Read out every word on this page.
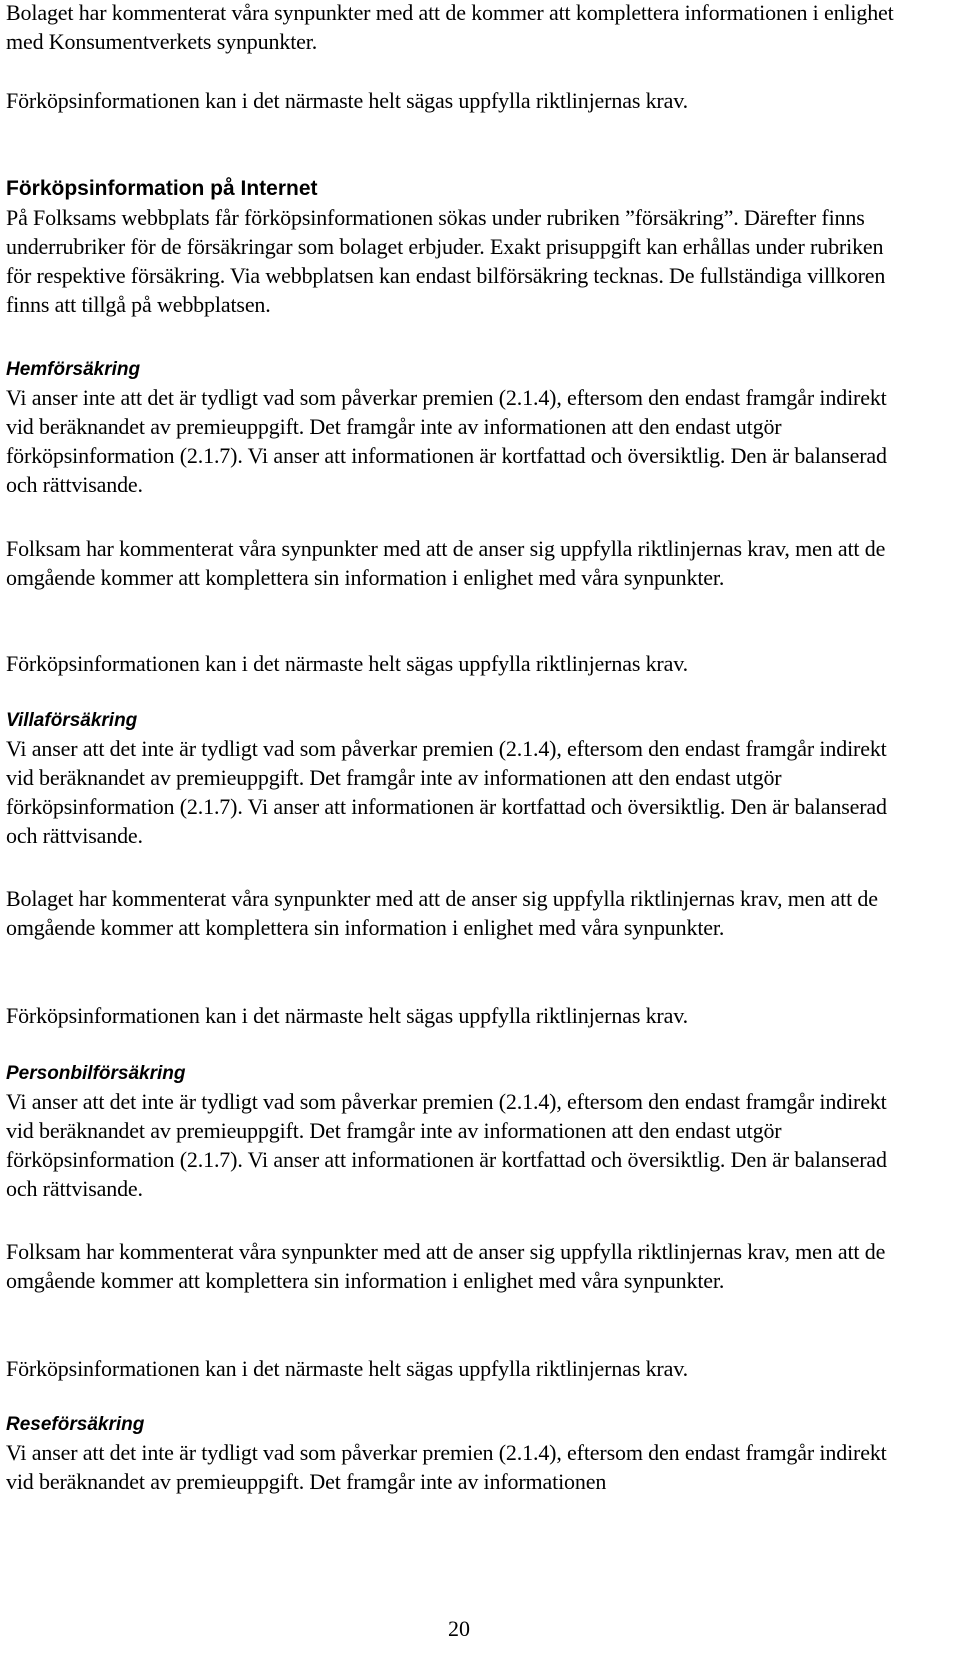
Bolaget har kommenterat våra synpunkter med att de kommer att komplettera informationen i enlighet med Konsumentverkets synpunkter.

Förköpsinformationen kan i det närmaste helt sägas uppfylla riktlinjernas krav.

Förköpsinformation på Internet

På Folksams webbplats får förköpsinformationen sökas under rubriken ”försäkring”. Därefter finns underrubriker för de försäkringar som bolaget erbjuder. Exakt prisuppgift kan erhållas under rubriken för respektive försäkring. Via webbplatsen kan endast bilförsäkring tecknas. De fullständiga villkoren finns att tillgå på webbplatsen.

Hemförsäkring

Vi anser inte att det är tydligt vad som påverkar premien (2.1.4), eftersom den endast framgår indirekt vid beräknandet av premieuppgift. Det framgår inte av informationen att den endast utgör förköpsinformation (2.1.7). Vi anser att informationen är kortfattad och översiktlig. Den är balanserad och rättvisande.

Folksam har kommenterat våra synpunkter med att de anser sig uppfylla riktlinjernas krav, men att de omgående kommer att komplettera sin information i enlighet med våra synpunkter.

Förköpsinformationen kan i det närmaste helt sägas uppfylla riktlinjernas krav.

Villaförsäkring

Vi anser att det inte är tydligt vad som påverkar premien (2.1.4), eftersom den endast framgår indirekt vid beräknandet av premieuppgift. Det framgår inte av informationen att den endast utgör förköpsinformation (2.1.7). Vi anser att informationen är kortfattad och översiktlig. Den är balanserad och rättvisande.

Bolaget har kommenterat våra synpunkter med att de anser sig uppfylla riktlinjernas krav, men att de omgående kommer att komplettera sin information i enlighet med våra synpunkter.

Förköpsinformationen kan i det närmaste helt sägas uppfylla riktlinjernas krav.

Personbilförsäkring

Vi anser att det inte är tydligt vad som påverkar premien (2.1.4), eftersom den endast framgår indirekt vid beräknandet av premieuppgift. Det framgår inte av informationen att den endast utgör förköpsinformation (2.1.7). Vi anser att informationen är kortfattad och översiktlig. Den är balanserad och rättvisande.

Folksam har kommenterat våra synpunkter med att de anser sig uppfylla riktlinjernas krav, men att de omgående kommer att komplettera sin information i enlighet med våra synpunkter.

Förköpsinformationen kan i det närmaste helt sägas uppfylla riktlinjernas krav.

Reseförsäkring

Vi anser att det inte är tydligt vad som påverkar premien (2.1.4), eftersom den endast framgår indirekt vid beräknandet av premieuppgift. Det framgår inte av informationen

20
